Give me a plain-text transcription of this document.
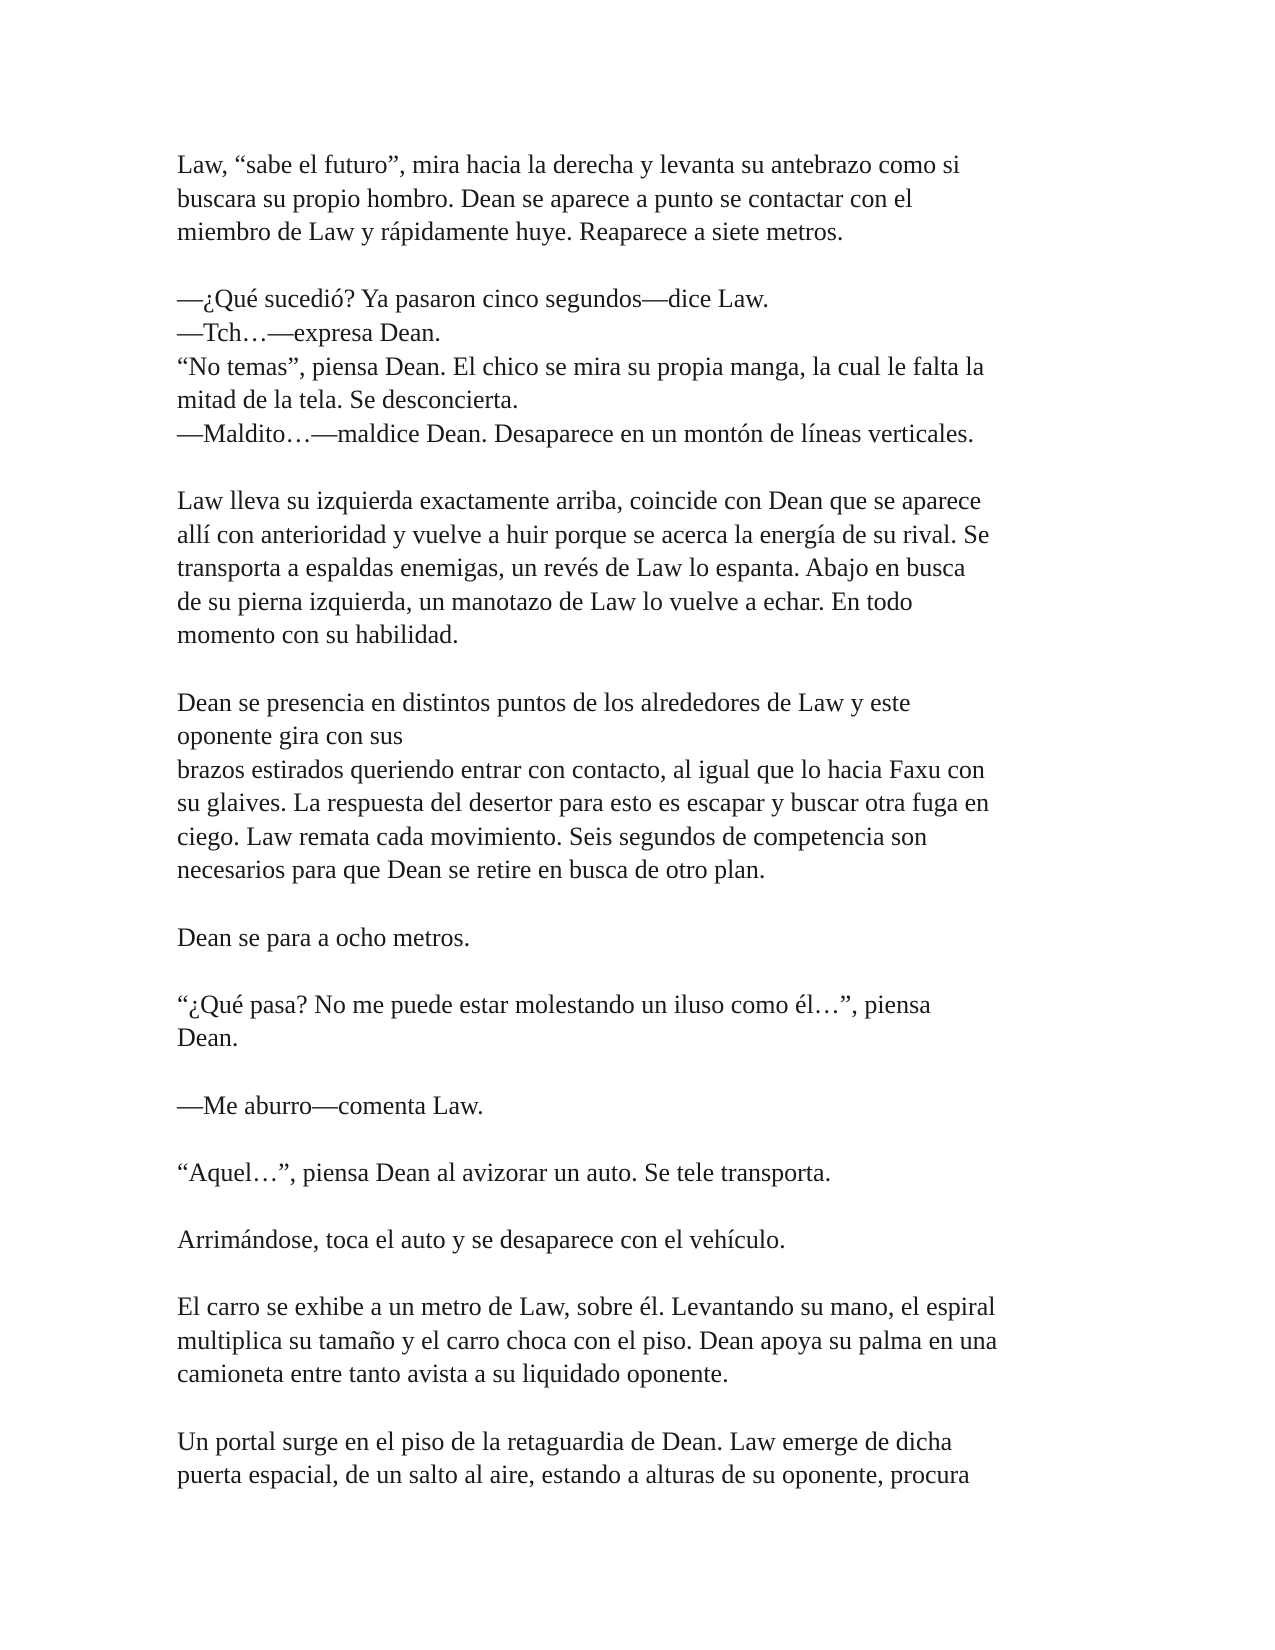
Law, “sabe el futuro”, mira hacia la derecha y levanta su antebrazo como si
buscara su propio hombro. Dean se aparece a punto se contactar con el
miembro de Law y rápidamente huye. Reaparece a siete metros.

—¿Qué sucedió? Ya pasaron cinco segundos—dice Law.
—Tch…—expresa Dean.
“No temas”, piensa Dean. El chico se mira su propia manga, la cual le falta la
mitad de la tela. Se desconcierta.
—Maldito…—maldice Dean. Desaparece en un montón de líneas verticales.

Law lleva su izquierda exactamente arriba, coincide con Dean que se aparece
allí con anterioridad y vuelve a huir porque se acerca la energía de su rival. Se
transporta a espaldas enemigas, un revés de Law lo espanta. Abajo en busca
de su pierna izquierda, un manotazo de Law lo vuelve a echar. En todo
momento con su habilidad.

Dean se presencia en distintos puntos de los alrededores de Law y este
oponente gira con sus
brazos estirados queriendo entrar con contacto, al igual que lo hacia Faxu con
su glaives. La respuesta del desertor para esto es escapar y buscar otra fuga en
ciego. Law remata cada movimiento. Seis segundos de competencia son
necesarios para que Dean se retire en busca de otro plan.

Dean se para a ocho metros.

“¿Qué pasa? No me puede estar molestando un iluso como él…”, piensa
Dean.

—Me aburro—comenta Law.

“Aquel…”, piensa Dean al avizorar un auto. Se tele transporta.

Arrimándose, toca el auto y se desaparece con el vehículo.

El carro se exhibe a un metro de Law, sobre él. Levantando su mano, el espiral
multiplica su tamaño y el carro choca con el piso. Dean apoya su palma en una
camioneta entre tanto avista a su liquidado oponente.

Un portal surge en el piso de la retaguardia de Dean. Law emerge de dicha
puerta espacial, de un salto al aire, estando a alturas de su oponente, procura
